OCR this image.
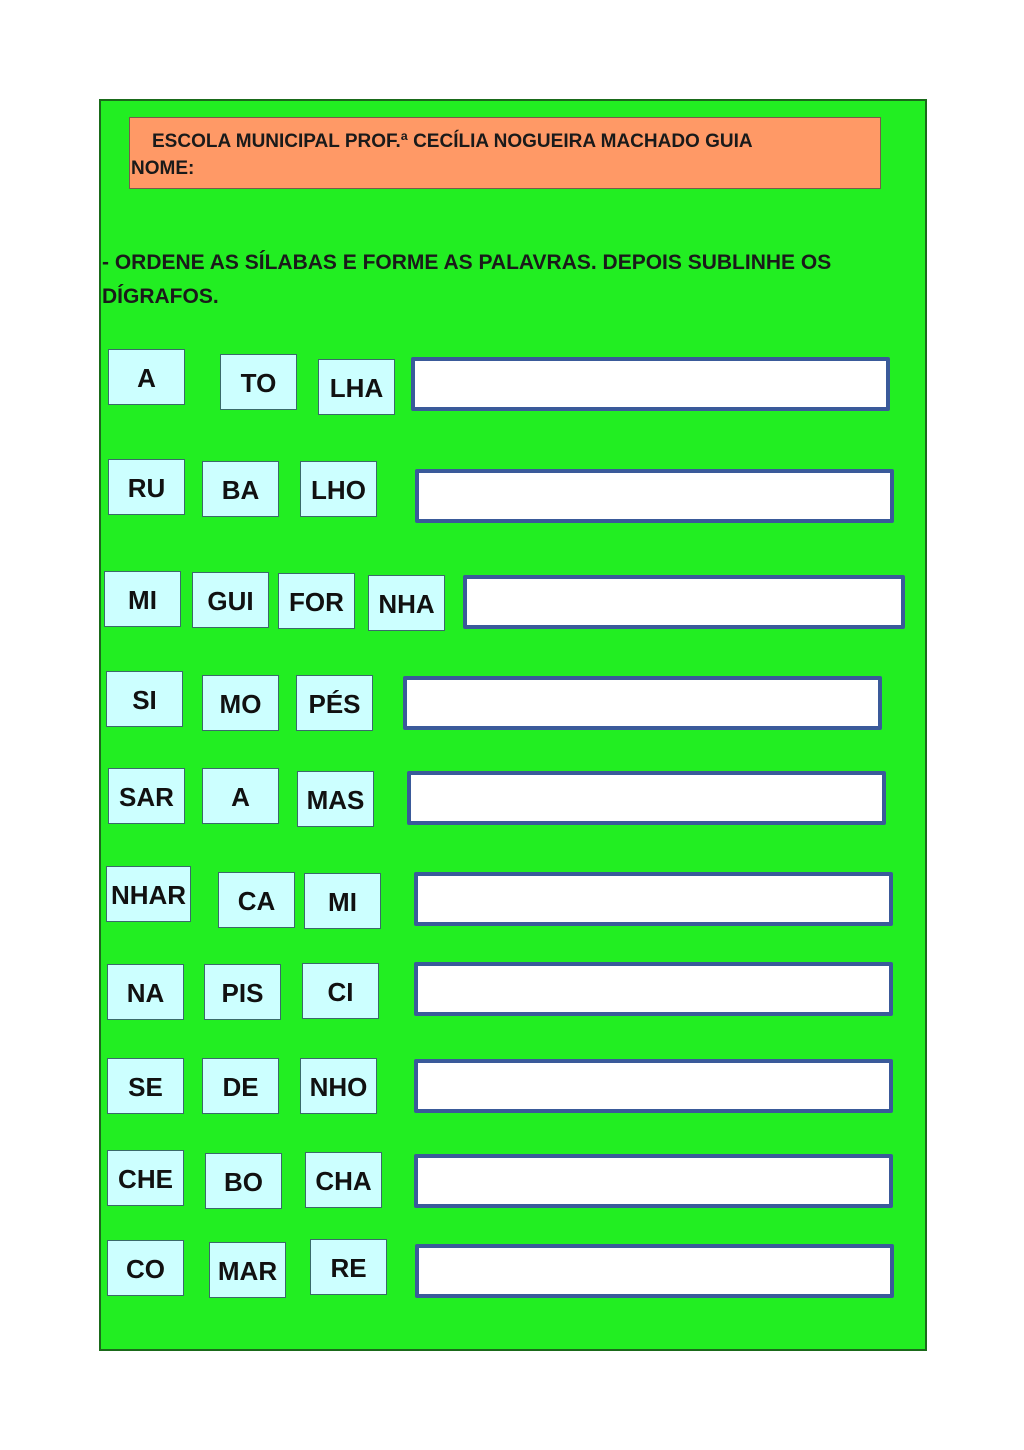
ESCOLA MUNICIPAL PROF.ª CECÍLIA NOGUEIRA MACHADO GUIA
NOME:
- ORDENE AS SÍLABAS E FORME AS PALAVRAS. DEPOIS SUBLINHE OS DÍGRAFOS.
A	TO	LHA
RU	BA	LHO
MI	GUI	FOR	NHA
SI	MO	PÉS
SAR	A	MAS
NHAR	CA	MI
NA	PIS	CI
SE	DE	NHO
CHE	BO	CHA
CO	MAR	RE
